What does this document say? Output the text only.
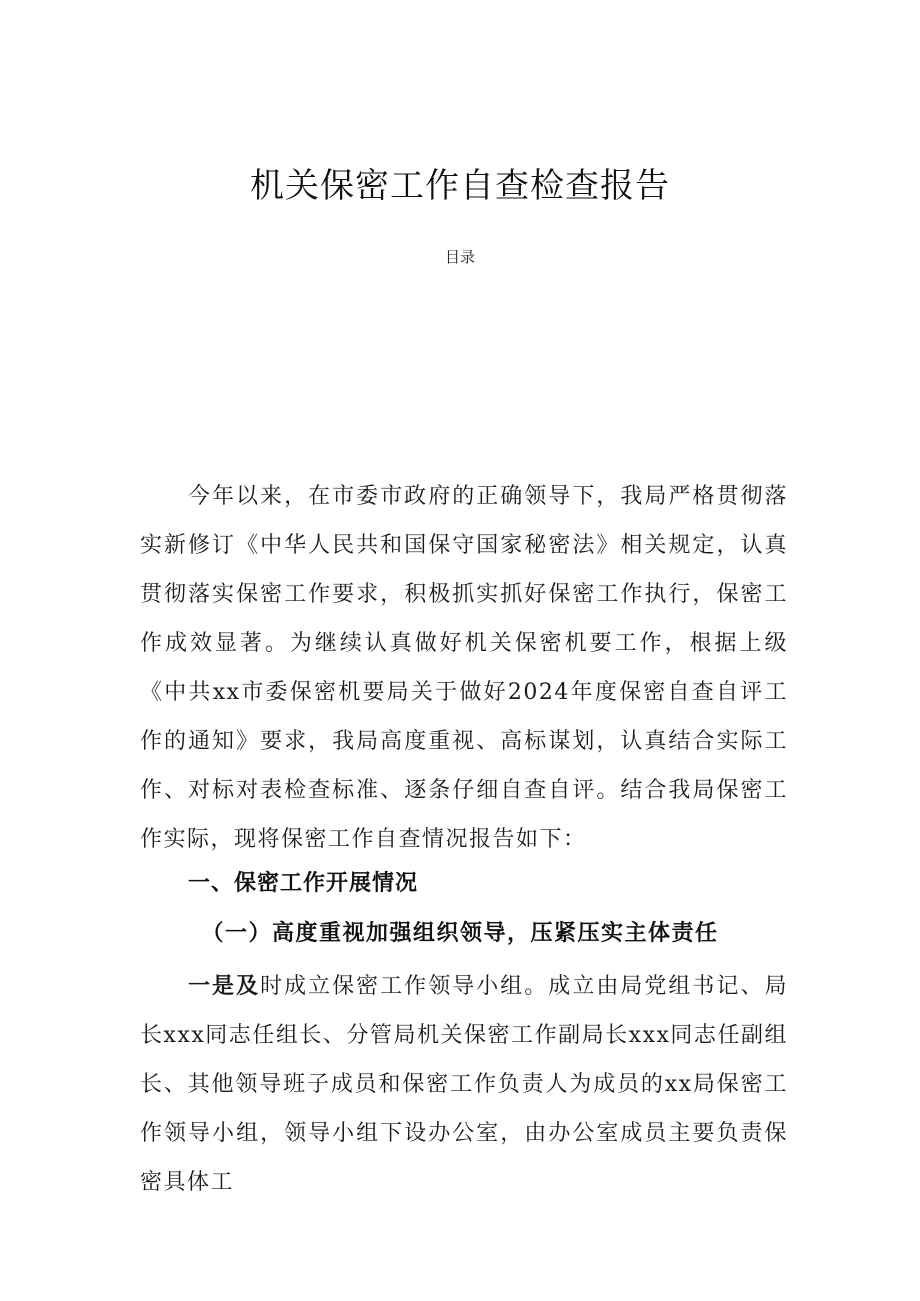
机关保密工作自查检查报告
目录

今年以来，在市委市政府的正确领导下，我局严格贯彻落实新修订《中华人民共和国保守国家秘密法》相关规定，认真贯彻落实保密工作要求，积极抓实抓好保密工作执行，保密工作成效显著。为继续认真做好机关保密机要工作，根据上级《中共xx市委保密机要局关于做好2024年度保密自查自评工作的通知》要求，我局高度重视、高标谋划，认真结合实际工作、对标对表检查标准、逐条仔细自查自评。结合我局保密工作实际，现将保密工作自查情况报告如下：

一、保密工作开展情况
（一）高度重视加强组织领导，压紧压实主体责任

一是及时成立保密工作领导小组。成立由局党组书记、局长xxx同志任组长、分管局机关保密工作副局长xxx同志任副组长、其他领导班子成员和保密工作负责人为成员的xx局保密工作领导小组，领导小组下设办公室，由办公室成员主要负责保密具体工
